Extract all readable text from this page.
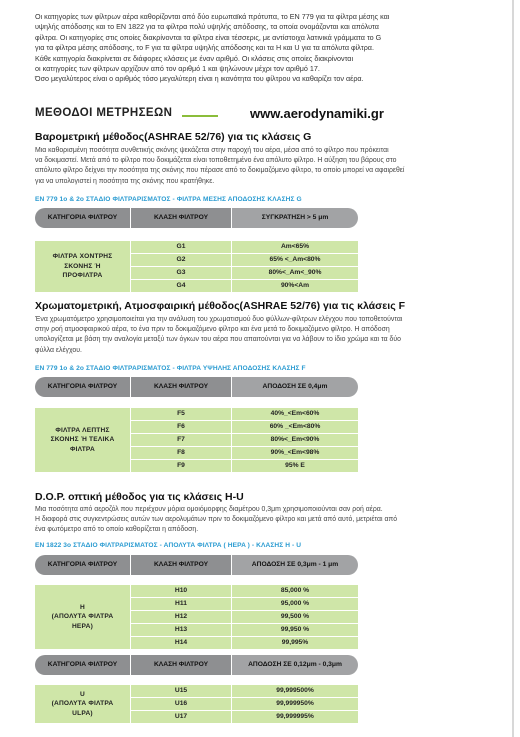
Οι κατηγορίες των φίλτρων αέρα καθορίζονται από δύο ευρωπαϊκά πρότυπα, το EN 779 για τα φίλτρα μέσης και

υψηλής απόδοσης και το EN 1822 για τα φίλτρα πολύ υψηλής απόδοσης, τα οποία ονομάζονται και απόλυτα

φίλτρα. Οι κατηγορίες στις οποίες διακρίνονται τα φίλτρα είναι τέσσερις, με αντίστοιχα λατινικά γράμματα το G

για τα φίλτρα μέσης απόδοσης, το F για τα φίλτρα υψηλής απόδοσης και τα H και U για τα απόλυτα φίλτρα.

Κάθε κατηγορία διακρίνεται σε διάφορες κλάσεις με έναν αριθμό. Οι κλάσεις στις οποίες διακρίνονται

οι κατηγορίες των φίλτρων αρχίζουν από τον αριθμό 1 και ψηλώνουν μέχρι τον αριθμό 17.

Όσο μεγαλύτερος είναι ο αριθμός τόσο μεγαλύτερη είναι η ικανότητα του φίλτρου να καθαρίζει τον αέρα.

ΜΕΘΟΔΟΙ ΜΕΤΡΗΣΕΩΝ	www.aerodynamiki.gr
Βαρομετρική μέθοδος(ASHRAE 52/76) για τις κλάσεις G

Μια καθορισμένη ποσότητα συνθετικής σκόνης ψεκάζεται στην παροχή του αέρα, μέσα από το φίλτρο που πρόκειται

να δοκιμαστεί. Μετά από το φίλτρο που δοκιμάζεται είναι τοποθετημένο ένα απόλυτο φίλτρο. Η αύξηση του βάρους στο

απόλυτο φίλτρο δείχνει την ποσότητα της σκόνης που πέρασε από το δοκιμαζόμενο φίλτρο, το οποίο μπορεί να αφαιρεθεί

για να υπολογιστεί η ποσότητα της σκόνης που κρατήθηκε.

EN 779 1ο & 2ο ΣΤΑΔΙΟ ΦΙΛΤΡΑΡΙΣΜΑΤΟΣ - ΦΙΛΤΡΑ ΜΕΣΗΣ ΑΠΟΔΟΣΗΣ ΚΛΑΣΗΣ G
ΚΑΤΗΓΟΡΙΑ ΦΙΛΤΡΟΥ	ΚΛΑΣΗ ΦΙΛΤΡΟΥ	ΣΥΓΚΡΑΤΗΣΗ > 5 μm
ΦΙΛΤΡΑ ΧΟΝΤΡΗΣ
ΣΚΟΝΗΣ Ή
ΠΡΟΦΙΛΤΡΑ
G1	Am<65%
G2	65% <_Am<80%
G3	80%<_Am<_90%
G4	90%<Am
Χρωματομετρική, Ατμοσφαιρική μέθοδος(ASHRAE 52/76) για τις κλάσεις F

Ένα χρωματόμετρο χρησιμοποιείται για την ανάλυση του χρωματισμού δυο φύλλων-φίλτρων ελέγχου που τοποθετούνται

στην ροή ατμοσφαιρικού αέρα, το ένα πριν το δοκιμαζόμενο φίλτρο και ένα μετά το δοκιμαζόμενο φίλτρο. Η απόδοση

υπολογίζεται με βάση την αναλογία μεταξύ των όγκων του αέρα που απαιτούνται για να λάβουν το ίδιο χρώμα και τα δύο

φύλλα ελέγχου.

EN 779 1ο & 2ο ΣΤΑΔΙΟ ΦΙΛΤΡΑΡΙΣΜΑΤΟΣ - ΦΙΛΤΡΑ ΥΨΗΛΗΣ ΑΠΟΔΟΣΗΣ ΚΛΑΣΗΣ F
ΚΑΤΗΓΟΡΙΑ ΦΙΛΤΡΟΥ	ΚΛΑΣΗ ΦΙΛΤΡΟΥ	ΑΠΟΔΟΣΗ ΣΕ 0,4μm
ΦΙΛΤΡΑ ΛΕΠΤΗΣ
ΣΚΟΝΗΣ Ή ΤΕΛΙΚΑ
ΦΙΛΤΡΑ
F5	40%_<Em<60%
F6	60% _<Em<80%
F7	80%<_Em<90%
F8	90%_<Em<98%
F9	95% E
D.O.P. οπτική μέθοδος για τις κλάσεις H-U

Μια ποσότητα από αεροζόλ που περιέχουν μόρια ομοιόμορφης διαμέτρου 0,3μm χρησιμοποιούνται σαν ροή αέρα.

Η διαφορά στις συγκεντρώσεις αυτών των αερολυμάτων πριν το δοκιμαζόμενο φίλτρο και μετά από αυτό, μετριέται από

ένα φωτόμετρο από το οποίο καθορίζεται η απόδοση.

EN 1822 3ο ΣΤΑΔΙΟ ΦΙΛΤΡΑΡΙΣΜΑΤΟΣ - ΑΠΟΛΥΤΑ ΦΙΛΤΡΑ ( HEPA ) - ΚΛΑΣΗΣ H - U
ΚΑΤΗΓΟΡΙΑ ΦΙΛΤΡΟΥ	ΚΛΑΣΗ ΦΙΛΤΡΟΥ	ΑΠΟΔΟΣΗ ΣΕ 0,3μm - 1 μm
H
(ΑΠΟΛΥΤΑ ΦΙΛΤΡΑ
HEPA)
H10	85,000 %
H11	95,000 %
H12	99,500 %
H13	99,950 %
H14	99,995%
ΚΑΤΗΓΟΡΙΑ ΦΙΛΤΡΟΥ	ΚΛΑΣΗ ΦΙΛΤΡΟΥ	ΑΠΟΔΟΣΗ ΣΕ 0,12μm - 0,3μm
U
(ΑΠΟΛΥΤΑ ΦΙΛΤΡΑ
ULPA)
U15	99,999500%
U16	99,999950%
U17	99,999995%
